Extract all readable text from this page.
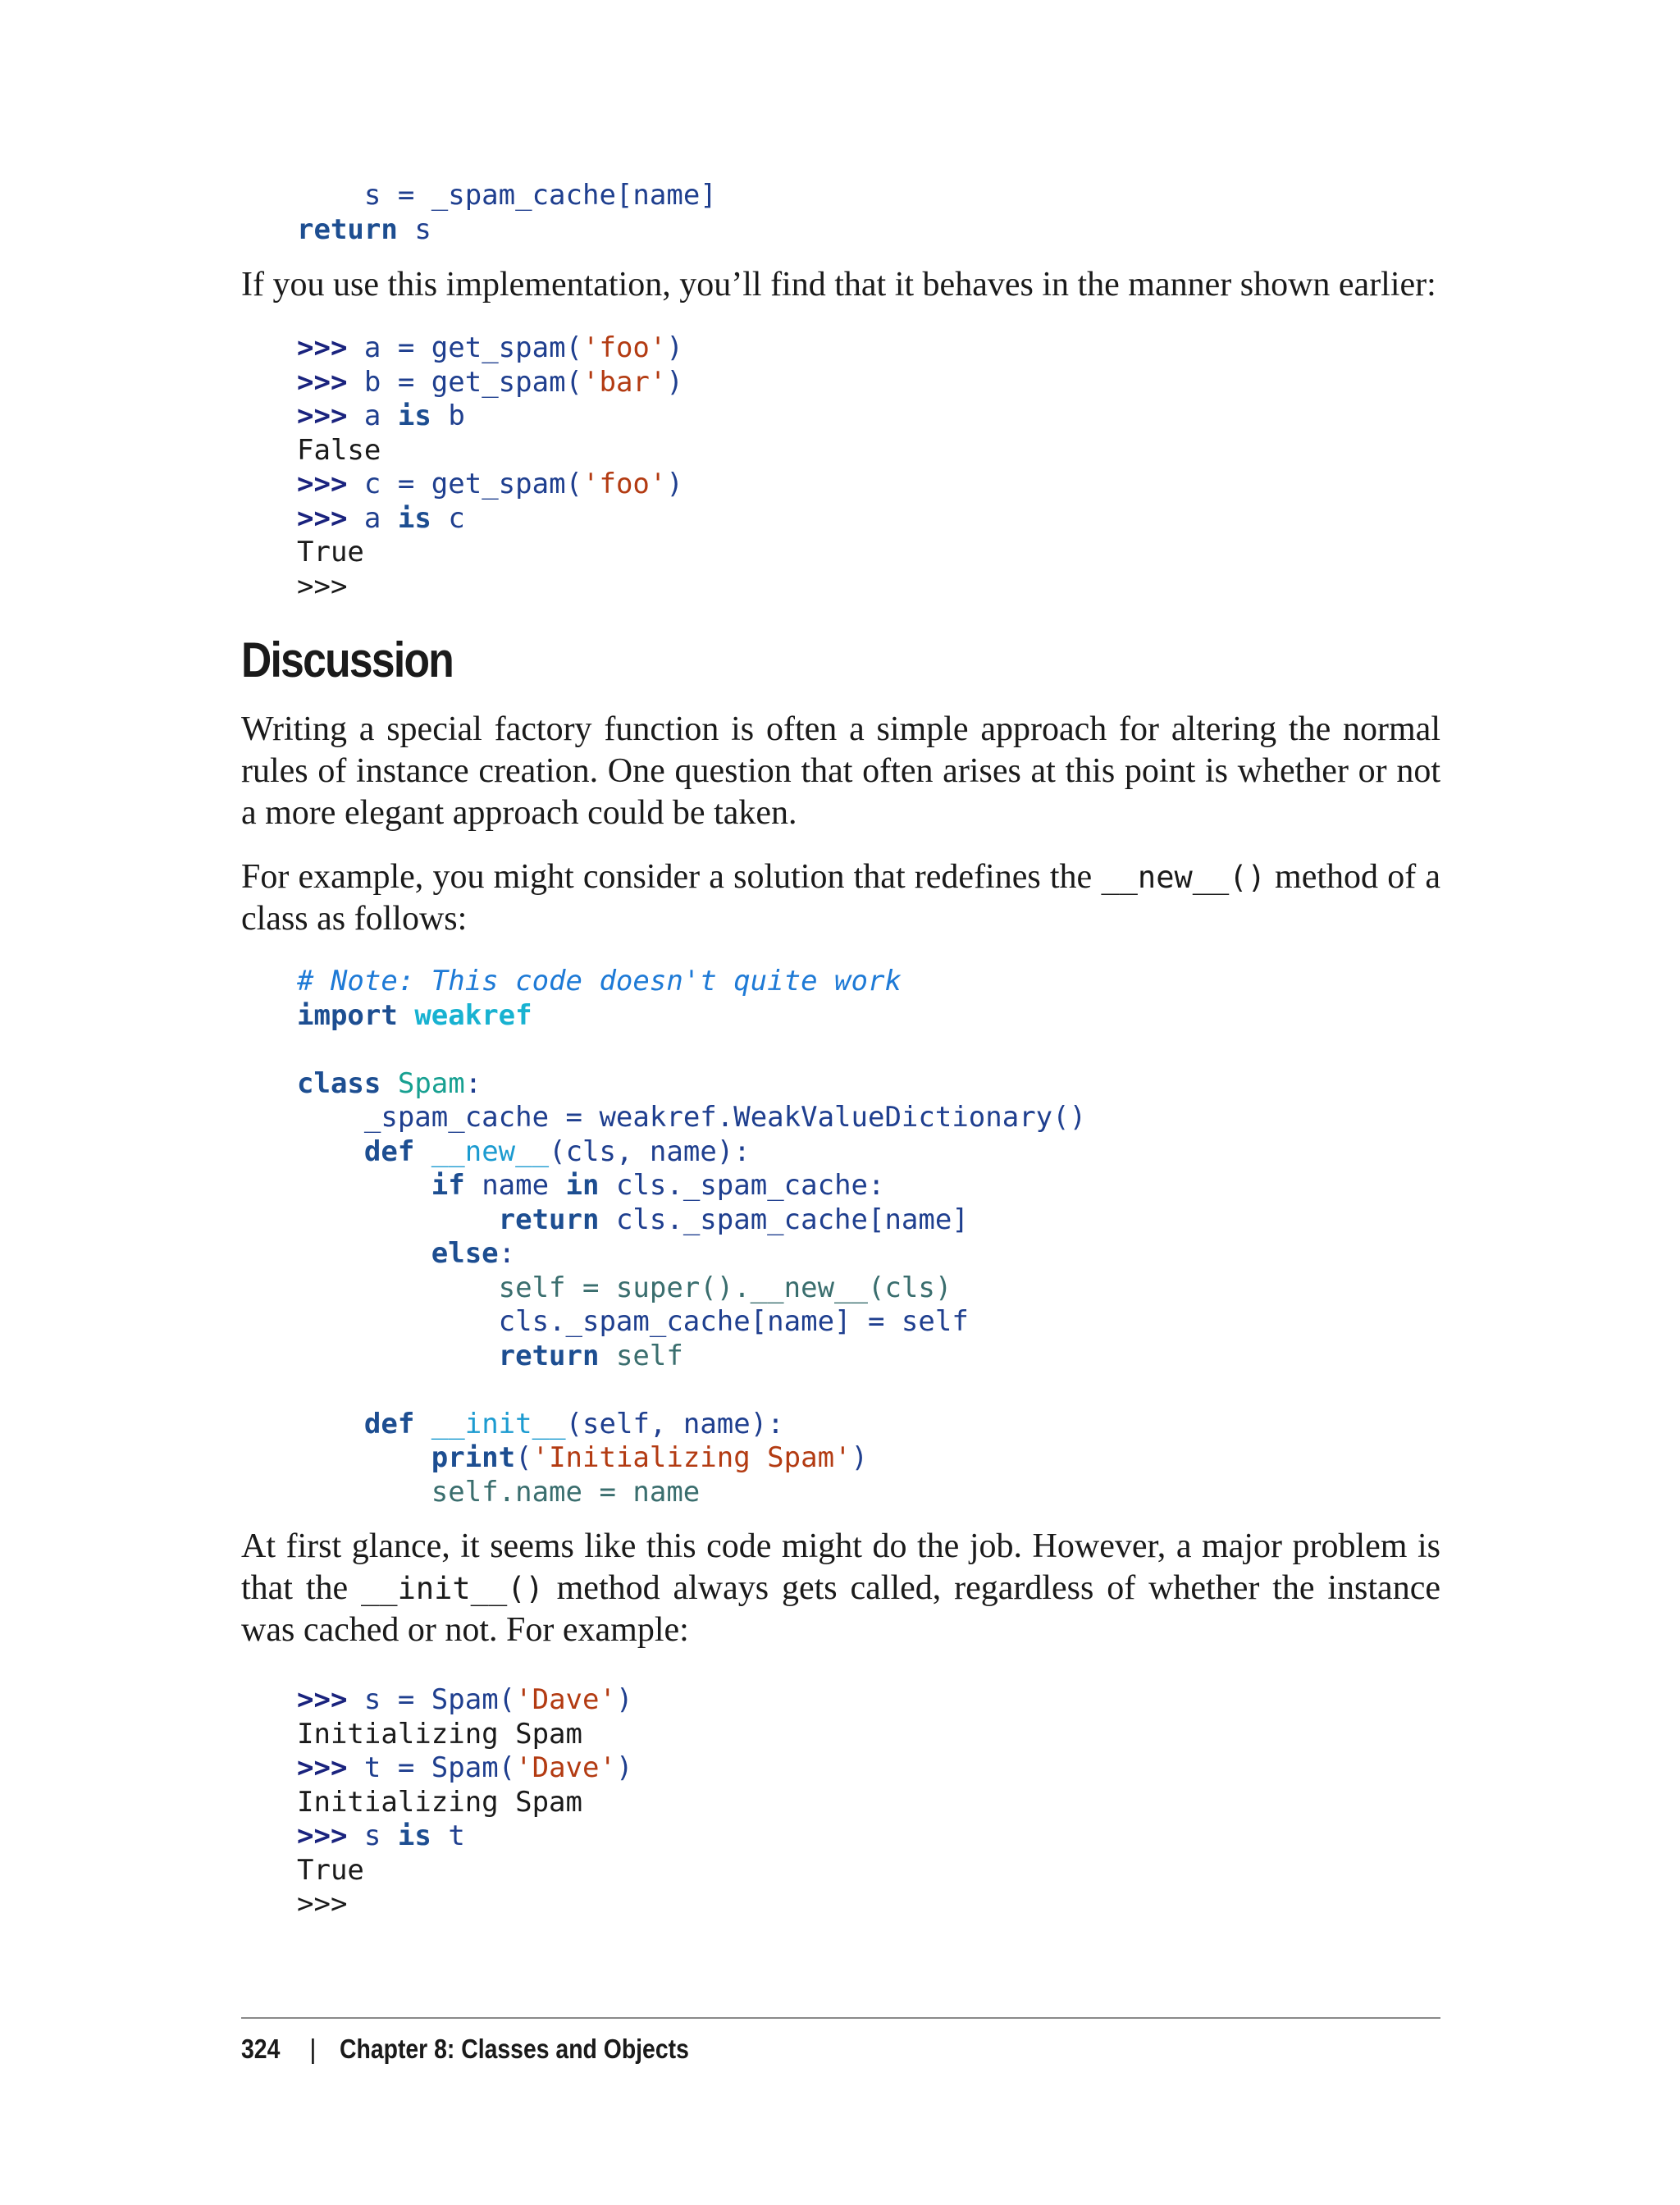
s = _spam_cache[name]
return s

If you use this implementation, you’ll find that it behaves in the manner shown earlier:

>>> a = get_spam('foo')
>>> b = get_spam('bar')
>>> a is b
False
>>> c = get_spam('foo')
>>> a is c
True
>>>
Discussion

Writing a special factory function is often a simple approach for altering the normal rules of instance creation. One question that often arises at this point is whether or not a more elegant approach could be taken.

For example, you might consider a solution that redefines the __new__() method of a class as follows:

# Note: This code doesn't quite work
import weakref
class Spam:
_spam_cache = weakref.WeakValueDictionary()
def __new__(cls, name):
if name in cls._spam_cache:
return cls._spam_cache[name]
else:
self = super().__new__(cls)
cls._spam_cache[name] = self
return self
def __init__(self, name):
print('Initializing Spam')
self.name = name

At first glance, it seems like this code might do the job. However, a major problem is that the __init__() method always gets called, regardless of whether the instance was cached or not. For example:

>>> s = Spam('Dave')
Initializing Spam
>>> t = Spam('Dave')
Initializing Spam
>>> s is t
True
>>>
324 | Chapter 8: Classes and Objects
